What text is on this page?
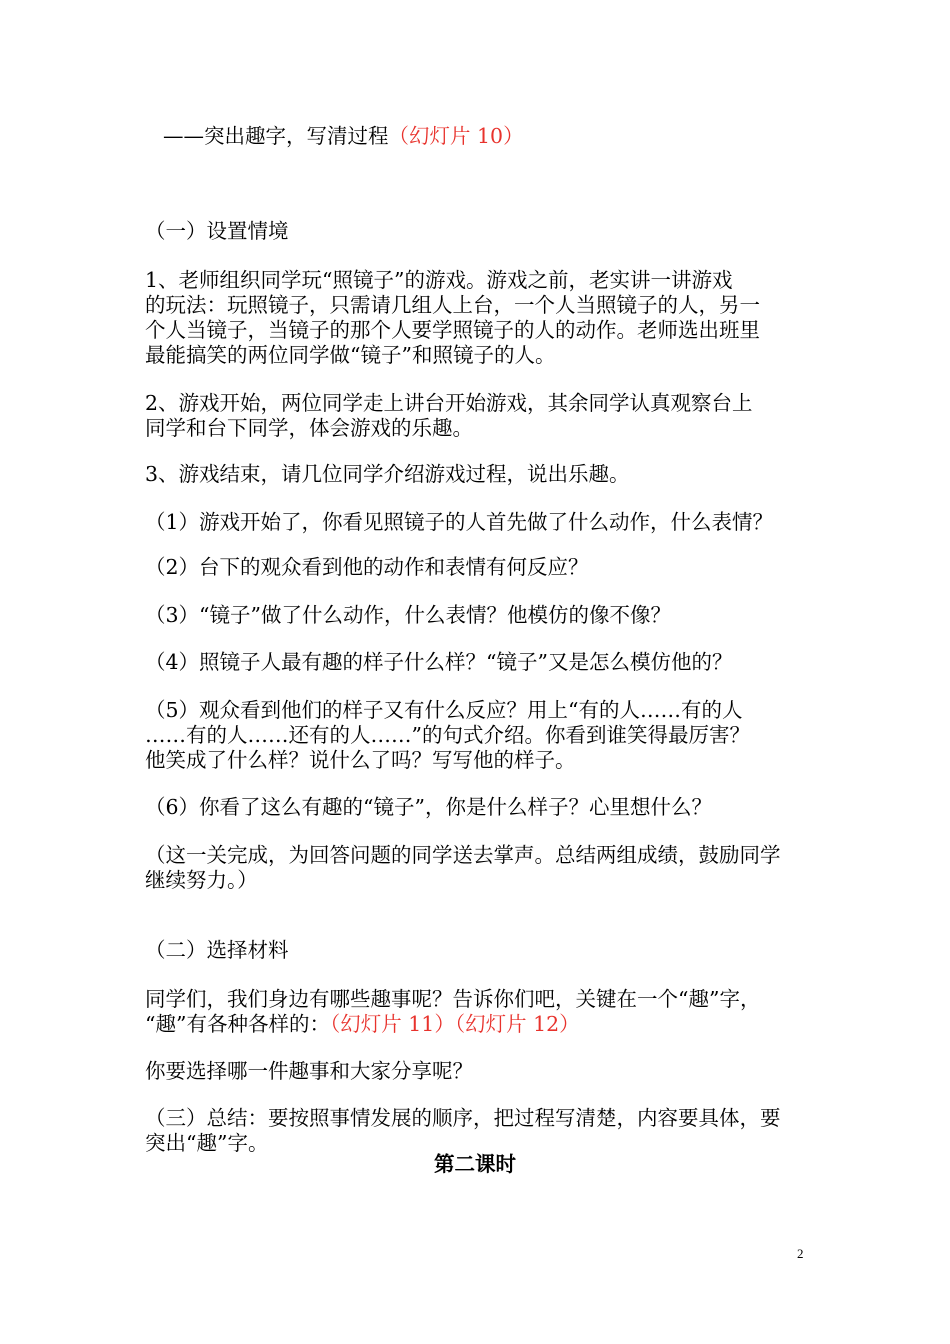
——突出趣字，写清过程（幻灯片 10）
（一）设置情境
1、老师组织同学玩“照镜子”的游戏。游戏之前，老实讲一讲游戏
的玩法：玩照镜子，只需请几组人上台，一个人当照镜子的人，另一
个人当镜子，当镜子的那个人要学照镜子的人的动作。老师选出班里
最能搞笑的两位同学做“镜子”和照镜子的人。
2、游戏开始，两位同学走上讲台开始游戏，其余同学认真观察台上
同学和台下同学，体会游戏的乐趣。
3、游戏结束，请几位同学介绍游戏过程，说出乐趣。
（1）游戏开始了，你看见照镜子的人首先做了什么动作，什么表情？
（2）台下的观众看到他的动作和表情有何反应？
（3）“镜子”做了什么动作，什么表情？他模仿的像不像？
（4）照镜子人最有趣的样子什么样？“镜子”又是怎么模仿他的？
（5）观众看到他们的样子又有什么反应？用上“有的人……有的人
……有的人……还有的人……”的句式介绍。你看到谁笑得最厉害？
他笑成了什么样？说什么了吗？写写他的样子。
（6）你看了这么有趣的“镜子”，你是什么样子？心里想什么？
（这一关完成，为回答问题的同学送去掌声。总结两组成绩，鼓励同学
继续努力。）
（二）选择材料
同学们，我们身边有哪些趣事呢？告诉你们吧，关键在一个“趣”字，
“趣”有各种各样的：（幻灯片 11）（幻灯片 12）
你要选择哪一件趣事和大家分享呢？
（三）总结：要按照事情发展的顺序，把过程写清楚，内容要具体，要
突出“趣”字。
第二课时
2
